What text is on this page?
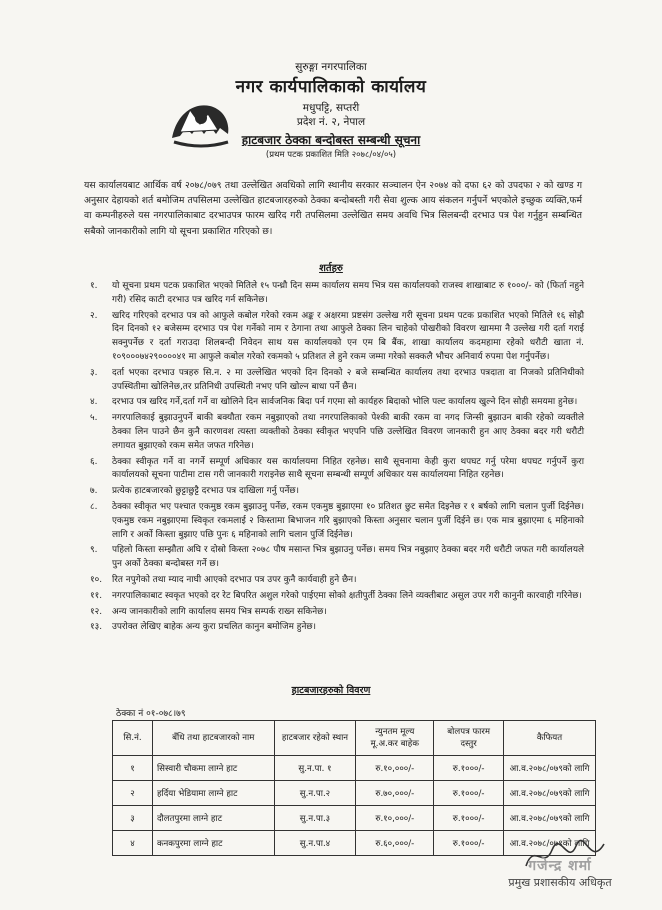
सुरुङ्गा नगरपालिका
नगर कार्यपालिकाको कार्यालय
मधुपट्टि, सप्तरी
प्रदेश नं. २, नेपाल
हाटबजार ठेक्का बन्दोबस्त सम्बन्धी सूचना
(प्रथम पटक प्रकाशित मिति २०७८/०४/०५)
यस कार्यालयबाट आर्थिक वर्ष २०७८/०७९ तथा उल्लेखित अवधिको लागि स्थानीय सरकार सञ्चालन ऐन २०७४ को दफा ६२ को उपदफा २ को खण्ड ग अनुसार देहायको शर्त बमोजिम तपसिलमा उल्लेखित हाटबजारहरुको ठेक्का बन्दोबस्ती गरी सेवा शुल्क आय संकलन गर्नुपर्ने भएकोले इच्छुक व्यक्ति,फर्म वा कम्पनीहरुले यस नगरपालिकाबाट दरभाउपत्र फारम खरिद गरी तपसिलमा उल्लेखित समय अवधि भित्र सिलबन्दी दरभाउ पत्र पेश गर्नुहुन सम्बन्धित सबैको जानकारीको लागि यो सूचना प्रकाशित गरिएको छ।
शर्तहरु
१. यो सूचना प्रथम पटक प्रकाशित भएको मितिले १५ पन्ध्रौ दिन सम्म कार्यालय समय भित्र यस कार्यालयको राजस्व शाखाबाट रु १०००/- को (फिर्ता नहुने गरी) रसिद काटी दरभाउ पत्र खरिद गर्न सकिनेछ।
२. खरिद गरिएको दरभाउ पत्र को आफुले कबोल गरेको रकम अङ्क र अक्षरमा प्रष्टसंग उल्लेख गरी सूचना प्रथम पटक प्रकाशित भएको मितिले १६ सोह्रौ दिन दिनको १२ बजेसम्म दरभाउ पत्र पेश गर्नेको नाम र ठेगाना तथा आफुले ठेक्का लिन चाहेको पोखरीको विवरण खाममा नै उल्लेख गरी दर्ता गराई सक्नुपर्नेछ र दर्ता गराउदा शिलबन्दी निवेदन साथ यस कार्यालयको एन एम बि बैंक, शाखा कार्यालय कदमहामा रहेको धरौटी खाता नं. १०९०००७४२९००००४१ मा आफुले कबोल गरेको रकमको ५ प्रतिशत ले हुने रकम जम्मा गरेको सक्कलै भौचर अनिवार्य रुपमा पेश गर्नुपर्नेछ।
३. दर्ता भएका दरभाउ पत्रहरु सि.न. २ मा उल्लेखित भएको दिन दिनको २ बजे सम्बन्धित कार्यालय तथा दरभाउ पत्रदाता वा निजको प्रतिनिधीको उपस्थितीमा खोलिनेछ,तर प्रतिनिधी उपस्थिती नभए पनि खोल्न बाधा पर्ने छैन।
४. दरभाउ पत्र खरिद गर्ने,दर्ता गर्ने वा खोलिने दिन सार्वजनिक बिदा पर्न गएमा सो कार्यहरु बिदाको भोलि पल्ट कार्यालय खुल्ने दिन सोही समयमा हुनेछ।
५. नगरपालिकाई बुझाउनुपर्ने बाकी बक्यौता रकम नबुझाएको तथा नगरपालिकाको पेश्की बाकी रकम वा नगद जिन्सी बुझाउन बाकी रहेको व्यक्तीले ठेक्का लिन पाउने छैन कुनै कारणवश त्यस्ता व्यक्तीको ठेक्का स्वीकृत भएपनि पछि उल्लेखित विवरण जानकारी हुन आए ठेक्का बदर गरी धरौटी लगायत बुझाएको रकम समेत जफत गरिनेछ।
६. ठेक्का स्वीकृत गर्ने वा नगर्ने सम्पूर्ण अधिकार यस कार्यालयमा निहित रहनेछ। साथै सूचनामा केही कुरा थपघट गर्नु परेमा थपघट गर्नुपर्ने कुरा कार्यालयको सूचना पाटीमा टास गरी जानकारी गराइनेछ साथै सूचना सम्बन्धी सम्पूर्ण अधिकार यस कार्यालयमा निहित रहनेछ।
७. प्रत्येक हाटबजारको छुट्टाछुट्टै दरभाउ पत्र दाखिला गर्नु पर्नेछ।
८. ठेक्का स्वीकृत भए पश्चात एकमुष्ठ रकम बुझाउनु पर्नेछ, रकम एकमुष्ठ बुझाएमा १० प्रतिशत छुट समेत दिइनेछ र १ बर्षको लागि चलान पुर्जी दिईनेछ। एकमुष्ठ रकम नबुझाएमा स्विकृत रकमलाई २ किस्तामा बिभाजन गरि बुझाएको किस्ता अनुसार चलान पुर्जी दिईने छ। एक मात्र बुझाएमा ६ महिनाको लागि र अर्को किस्ता बुझाए पछि पुनः ६ महिनाको लागि चलान पुर्जि दिईनेछ।
९. पहिलो किस्ता सम्झौता अघि र दोस्रो किस्ता २०७८ पौष मसान्त भित्र बुझाउनु पर्नेछ। समय भित्र नबुझाए ठेक्का बदर गरी धरौटी जफत गरी कार्यालयले पुन अर्को ठेक्का बन्दोबस्त गर्ने छ।
१०. रित नपुगेको तथा म्याद नाघी आएको दरभाउ पत्र उपर कुनै कार्यवाही हुने छैन।
११. नगरपालिकाबाट स्वकृत भएको दर रेट बिपरित अशुल गरेको पाईएमा सोको क्षतीपुर्ती ठेक्का लिने व्यक्तीबाट असुल उपर गरी कानुनी कारवाही गरिनेछ।
१२. अन्य जानकारीको लागि कार्यालय समय भित्र सम्पर्क राख्न सकिनेछ।
१३. उपरोक्त लेखिए बाहेक अन्य कुरा प्रचलित कानुन बमोजिम हुनेछ।
हाटबजारहरुको विवरण
ठेक्का नं ०१-०७८।७९
सि.नं.	बँधि तथा हाटबजारको नाम	हाटबजार रहेको स्थान	न्युनतम मूल्य मू.अ.कर बाहेक	बोलपत्र फारम दस्तुर	कैफियत
१	सिस्वारी चौकमा लाग्ने हाट	सु.न.पा. १	रु.१०,०००/-	रु.१०००/-	आ.व.२०७८/०७९को लागि
२	हर्दिया भेडियामा लाग्ने हाट	सु.न.पा.२	रु.७०,०००/-	रु.१०००/-	आ.व.२०७८/०७९को लागि
३	दौलतपुरमा लाग्ने हाट	सु.न.पा.३	रु.१०,०००/-	रु.१०००/-	आ.व.२०७८/०७९को लागि
४	कनकपुरमा लाग्ने हाट	सु.न.पा.४	रु.६०,०००/-	रु.१०००/-	आ.व.२०७८/०७९को लागि
गजेन्द्र शर्मा
प्रमुख प्रशासकीय अधिकृत
